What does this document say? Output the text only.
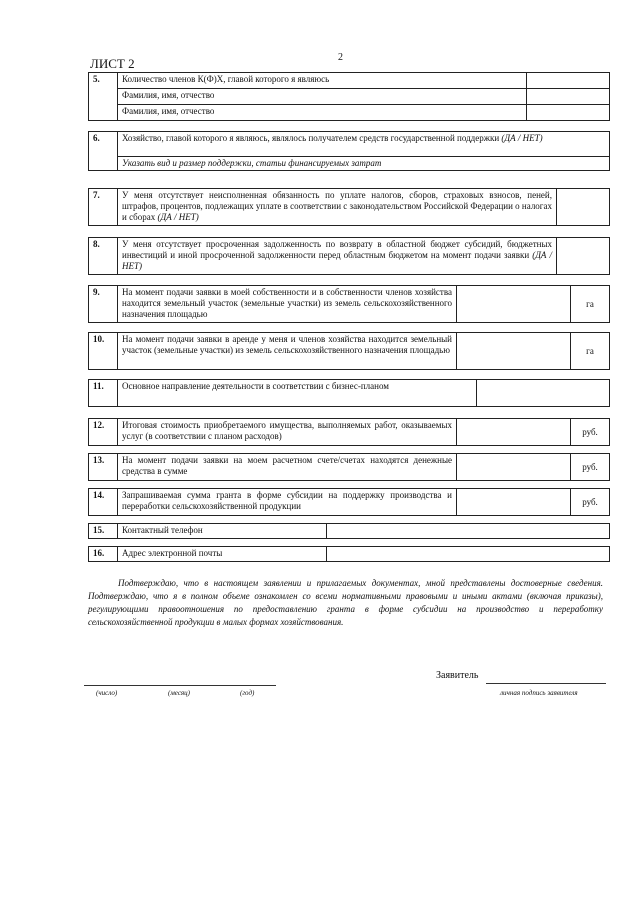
ЛИСТ 2	2
5.	Количество членов К(Ф)Х, главой которого я являюсь	
	Фамилия, имя, отчество	
	Фамилия, имя, отчество	
6.	Хозяйство, главой которого я являюсь, являлось получателем средств государственной поддержки (ДА / НЕТ)
Указать вид и размер поддержки, статьи финансируемых затрат
7.	У меня отсутствует неисполненная обязанность по уплате налогов, сборов, страховых взносов, пеней, штрафов, процентов, подлежащих уплате в соответствии с законодательством Российской Федерации о налогах и сборах (ДА / НЕТ)	
8.	У меня отсутствует просроченная задолженность по возврату в областной бюджет субсидий, бюджетных инвестиций и иной просроченной задолженности перед областным бюджетом на момент подачи заявки (ДА / НЕТ)	
9.	На момент подачи заявки в моей собственности и в собственности членов хозяйства находится земельный участок (земельные участки) из земель сельскохозяйственного назначения площадью		га
10.	На момент подачи заявки в аренде у меня и членов хозяйства находится земельный участок (земельные участки) из земель сельскохозяйственного назначения площадью		га
11.	Основное направление деятельности в соответствии с бизнес-планом	
12.	Итоговая стоимость приобретаемого имущества, выполняемых работ, оказываемых услуг (в соответствии с планом расходов)		руб.
13.	На момент подачи заявки на моем расчетном счете/счетах находятся денежные средства в сумме		руб.
14.	Запрашиваемая сумма гранта в форме субсидии на поддержку производства и переработки сельскохозяйственной продукции		руб.
15.	Контактный телефон	
16.	Адрес электронной почты	
Подтверждаю, что в настоящем заявлении и прилагаемых документах, мной представлены достоверные сведения. Подтверждаю, что я в полном объеме ознакомлен со всеми нормативными правовыми и иными актами (включая приказы), регулирующими правоотношения по предоставлению гранта в форме субсидии на производство и переработку сельскохозяйственной продукции в малых формах хозяйствования.
Заявитель
(число)	(месяц)	(год)	личная подпись заявителя
